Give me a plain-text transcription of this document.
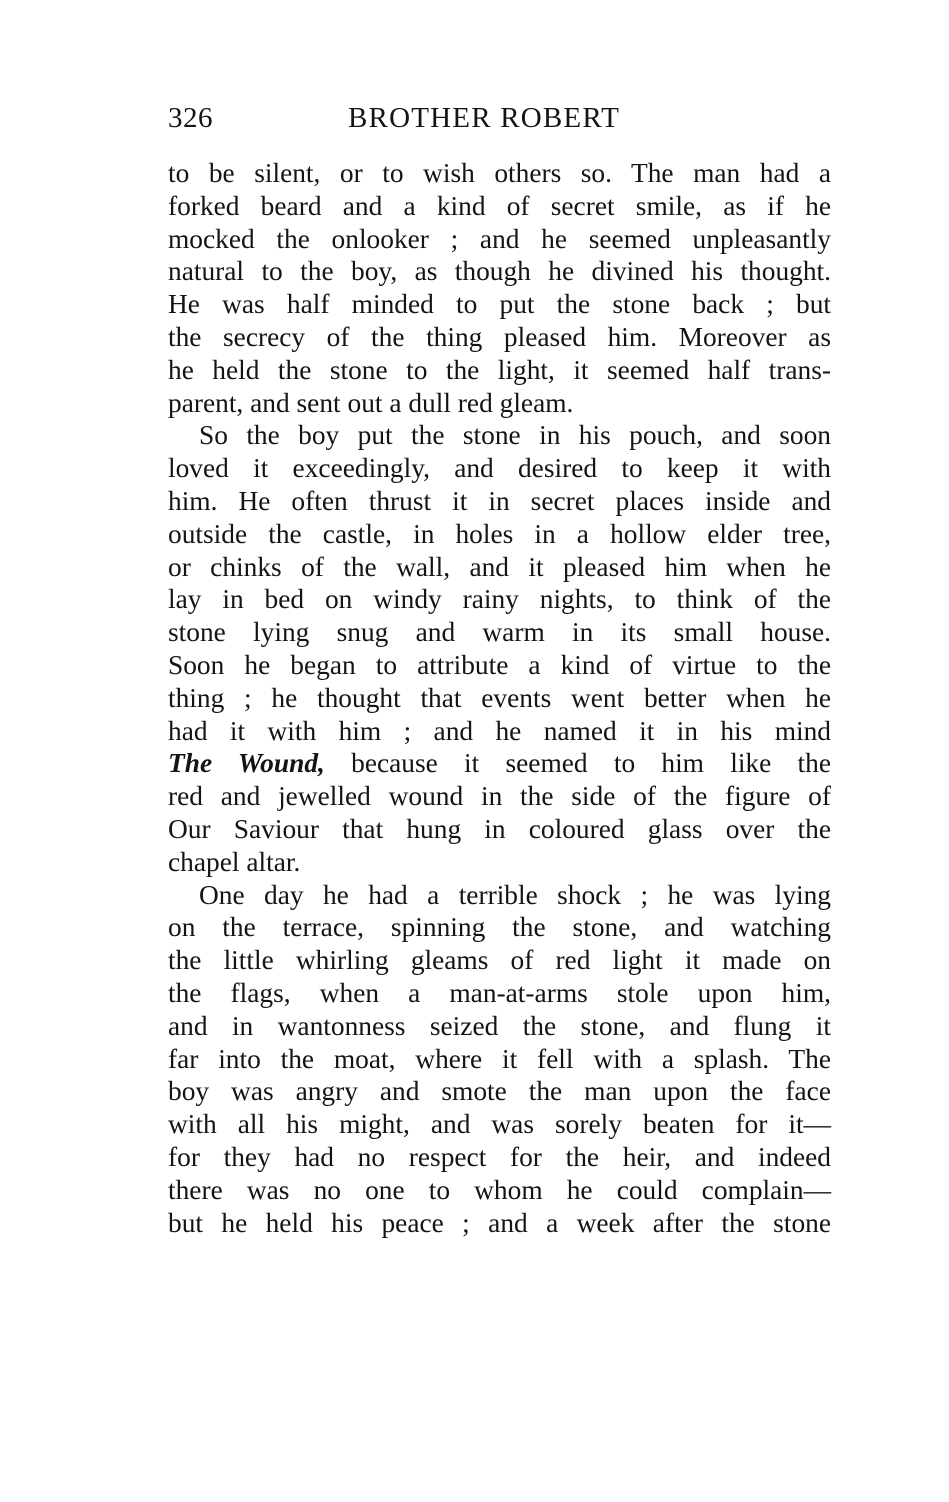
326	BROTHER ROBERT
to be silent, or to wish others so. The man had a
forked beard and a kind of secret smile, as if he
mocked the onlooker ; and he seemed unpleasantly
natural to the boy, as though he divined his thought.
He was half minded to put the stone back ; but
the secrecy of the thing pleased him. Moreover as
he held the stone to the light, it seemed half trans-
parent, and sent out a dull red gleam.
So the boy put the stone in his pouch, and soon
loved it exceedingly, and desired to keep it with
him. He often thrust it in secret places inside and
outside the castle, in holes in a hollow elder tree,
or chinks of the wall, and it pleased him when he
lay in bed on windy rainy nights, to think of the
stone lying snug and warm in its small house.
Soon he began to attribute a kind of virtue to the
thing ; he thought that events went better when he
had it with him ; and he named it in his mind
The Wound, because it seemed to him like the
red and jewelled wound in the side of the figure of
Our Saviour that hung in coloured glass over the
chapel altar.
One day he had a terrible shock ; he was lying
on the terrace, spinning the stone, and watching
the little whirling gleams of red light it made on
the flags, when a man-at-arms stole upon him,
and in wantonness seized the stone, and flung it
far into the moat, where it fell with a splash. The
boy was angry and smote the man upon the face
with all his might, and was sorely beaten for it—
for they had no respect for the heir, and indeed
there was no one to whom he could complain—
but he held his peace ; and a week after the stone
